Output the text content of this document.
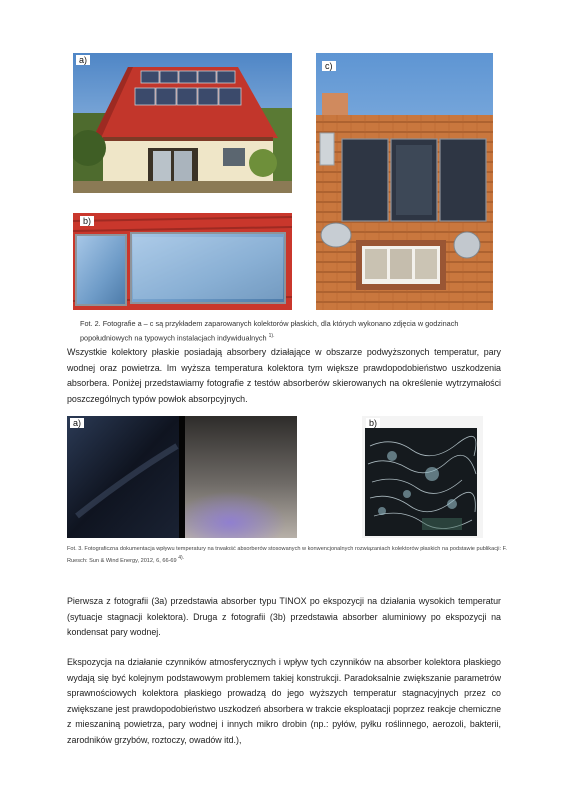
a)
b)
c)
Fot. 2. Fotografie a – c są przykładem zaparowanych kolektorów płaskich, dla których wykonano zdjęcia w godzinach popołudniowych na typowych instalacjach indywidualnych $^{1).}$
Wszystkie kolektory płaskie posiadają absorbery działające w obszarze podwyższonych temperatur, pary wodnej oraz powietrza. Im wyższa temperatura kolektora tym większe prawdopodobieństwo uszkodzenia absorbera. Poniżej przedstawiamy fotografie z testów absorberów skierowanych na określenie wytrzymałości poszczególnych typów powłok absorpcyjnych.
a)	b)
Fot. 3. Fotograficzna dokumentacja wpływu temperatury na trwałość absorberów stosowanych w konwencjonalnych rozwiązaniach kolektorów płaskich na podstawie publikacji: F. Ruesch: Sun & Wind Energy, 2012, 6, 66-69 $^{4).}$
Pierwsza z fotografii (3a) przedstawia absorber typu TINOX po ekspozycji na działania wysokich temperatur (sytuacje stagnacji kolektora). Druga z fotografii (3b) przedstawia absorber aluminiowy po ekspozycji na kondensat pary wodnej.
Ekspozycja na działanie czynników atmosferycznych i wpływ tych czynników na absorber kolektora płaskiego wydają się być kolejnym podstawowym problemem takiej konstrukcji. Paradoksalnie zwiększanie parametrów sprawnościowych kolektora płaskiego prowadzą do jego wyższych temperatur stagnacyjnych przez co zwiększane jest prawdopodobieństwo uszkodzeń absorbera w trakcie eksploatacji poprzez reakcje chemiczne z mieszaniną powietrza, pary wodnej i innych mikro drobin (np.: pyłów, pyłku roślinnego, aerozoli, bakterii, zarodników grzybów, roztoczy, owadów itd.),
